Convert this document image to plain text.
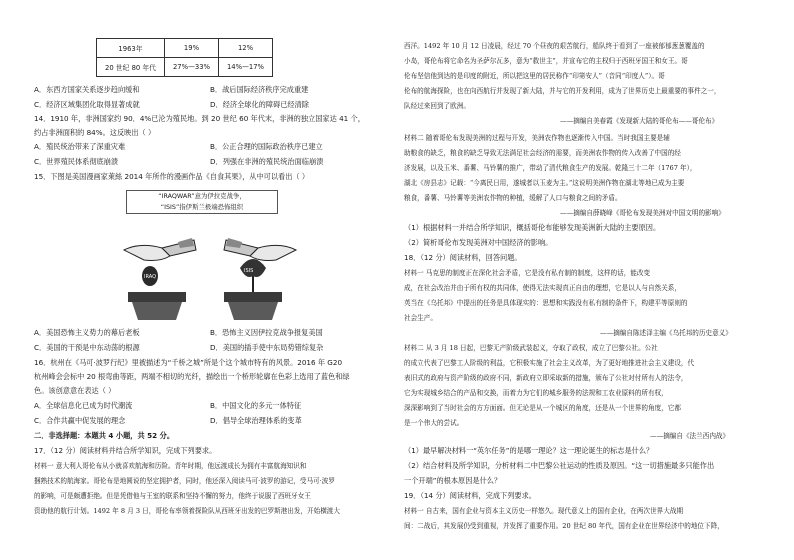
1963年	19%	12%
20 世纪 80 年代	27%—33%	14%—17%
A．东西方国家关系逐步趋向缓和	B．战后国际经济秩序完成重建
C．经济区域集团化取得显著成就	D．经济全球化的障碍已经清除
14．1910 年，非洲国家约 90．4%已沦为殖民地。到 20 世纪 60 年代末，非洲的独立国家达 41 个，
约占非洲面积的 84%。这反映出（ ）
A．殖民统治带来了深重灾难	B．公正合理的国际政治秩序已建立
C．世界殖民体系彻底崩溃	D．列强在非洲的殖民统治面临崩溃
15．下图是美国漫画家萊絲 2014 年所作的漫画作品《自食其果》，从中可以看出（ ）
“IRAQWAR”意为伊拉克战争，
“ISIS”指伊斯兰极端恐怖组织
IRAQ
ISIS
A．美国恐怖主义势力的幕后老板	B．恐怖主义因伊拉克战争报复美国
C．美国的干预是中东动荡的根源	D．美国的插手使中东局势错综复杂
16．杭州在《马可·波罗行纪》里被描述为“千桥之城”所是个这个城市特有的风景。2016 年 G20
杭州峰会会标中 20 根弯曲等距，两端不相切的光纤，描绘出一个桥形轮廓在色彩上选用了蓝色和绿
色。该创意意在表达（ ）
A．全球信息化已成为时代潮流	B．中国文化的多元一体特征
C．合作共赢中促发展的理念	D．倡导全球治理体系的变革
二．非选择题：本题共 4 小题，共 52 分。
17．（12 分）阅读材料并结合所学知识，完成下列要求。
材料一 意大利人哥伦布从小就喜欢航海和历险。青年时期，他远渡成长为拥有丰富航海知识和
捆熟技术的航海家。哥伦布是地圆说的坚定拥护者，同时，他还深入阅读马可·波罗的游记，受马可·波罗
的影响，可是颇遭拒绝。但是凭借他与王室的联系和坚持不懈的努力，他终于说服了西班牙女王
资助他的航行计划。1492 年 8 月 3 日，哥伦布率领着探险队从西班牙出发的巴罗斯港出发，开始横渡大
西洋。1492 年 10 月 12 日凌晨，经过 70 个昼夜的艰苦航行，船队终于看到了一座被郁郁葱葱覆盖的
小岛，哥伦布将它命名为圣萨尔瓦多，意为“救世主”，并宣布它的主权归于西班牙国王和女王。哥
伦布坚信他到达的是印度的附近，所以把这里的居民称作“印第安人”（音同“印度人”）。哥
伦布的航海探险，也在向西航行并发现了新大陆，并与它的开发利用，成为了世界历史上最重要的事件之一，
队经过来回到了欧洲。
——摘编自美春霞《发现新大陆的哥伦布——哥伦布》
材料二 随着哥伦布发现美洲的过程与开发，美洲农作物也逐渐传入中国。当时我国主要是辅
助粮食的缺乏，粮食的缺乏导致无法满足社会经济的需要，而美洲农作物的传入改善了中国的经
济发展，以及玉米、番薯、马铃薯的推广，带动了清代粮食生产的发展。乾隆三十二年（1767 年），
湖北《房县志》记载：“今离民日用，遂城者以玉麦为主。”这说明美洲作物在湖北等地已成为主要
粮食，番薯、马铃薯等美洲农作物的种植，缓解了人口与粮食之间的矛盾。
——摘编自薛晓峰《哥伦布发现美洲对中国文明的影响》
（1）根据材料一并结合所学知识，概括哥伦布能够发现美洲新大陆的主要原因。
（2）简析哥伦布发现美洲对中国经济的影响。
18．（12 分）阅读材料，回答问题。
材料一 马克思的制度正在深化社会矛盾，它是没有私有制的制度，这样的话，能改变
成，在社会改治并由于所有权的共同体，使得无法实现真正自由的理想，它是以人与自然关系，
英当在《乌托邦》中提出的任务是具体现实的：思想和实践没有私有制的条件下，构建平等原则的
社会生产。
——摘编自陈述泽主编《乌托邦的历史意义》
材料二 从 3 月 18 日起，巴黎无产阶级武装起义，夺取了政权，成立了巴黎公社。公社
的成立代表了巴黎工人阶级的利益，它积极实施了社会主义改革，为了更好地推进社会主义建设，代
表旧式的政府与资产阶级的政府不同，新政府立即采取新的措施，颁布了公社对付所有人的法令，
它为实现城乡结合的产品和交换，而着力为它们的城乡服务的法规和工农业原料的所有权，
深深影响到了当时社会的方方面面。但无论是从一个城区的角度，还是从一个世界的角度，它都
是一个伟大的尝试。
——摘编自《法兰西内战》
（1）最早解决材料一“英尔任务”的是哪一理论？这一理论诞生的标志是什么？
（2）结合材料及所学知识，分析材料二中巴黎公社运动的性质及原因。“这一切措施最多只能作出
一个开端”的根本原因是什么？
19．（14 分）阅读材料，完成下列要求。
材料一 自古来，国有企业与资本主义历史一样悠久。现代意义上的国有企业，在两次世界大战期
间：二战后，其发展仍受到重视，并发挥了重要作用。20 世纪 80 年代，国有企业在世界经济中的地位下降，
